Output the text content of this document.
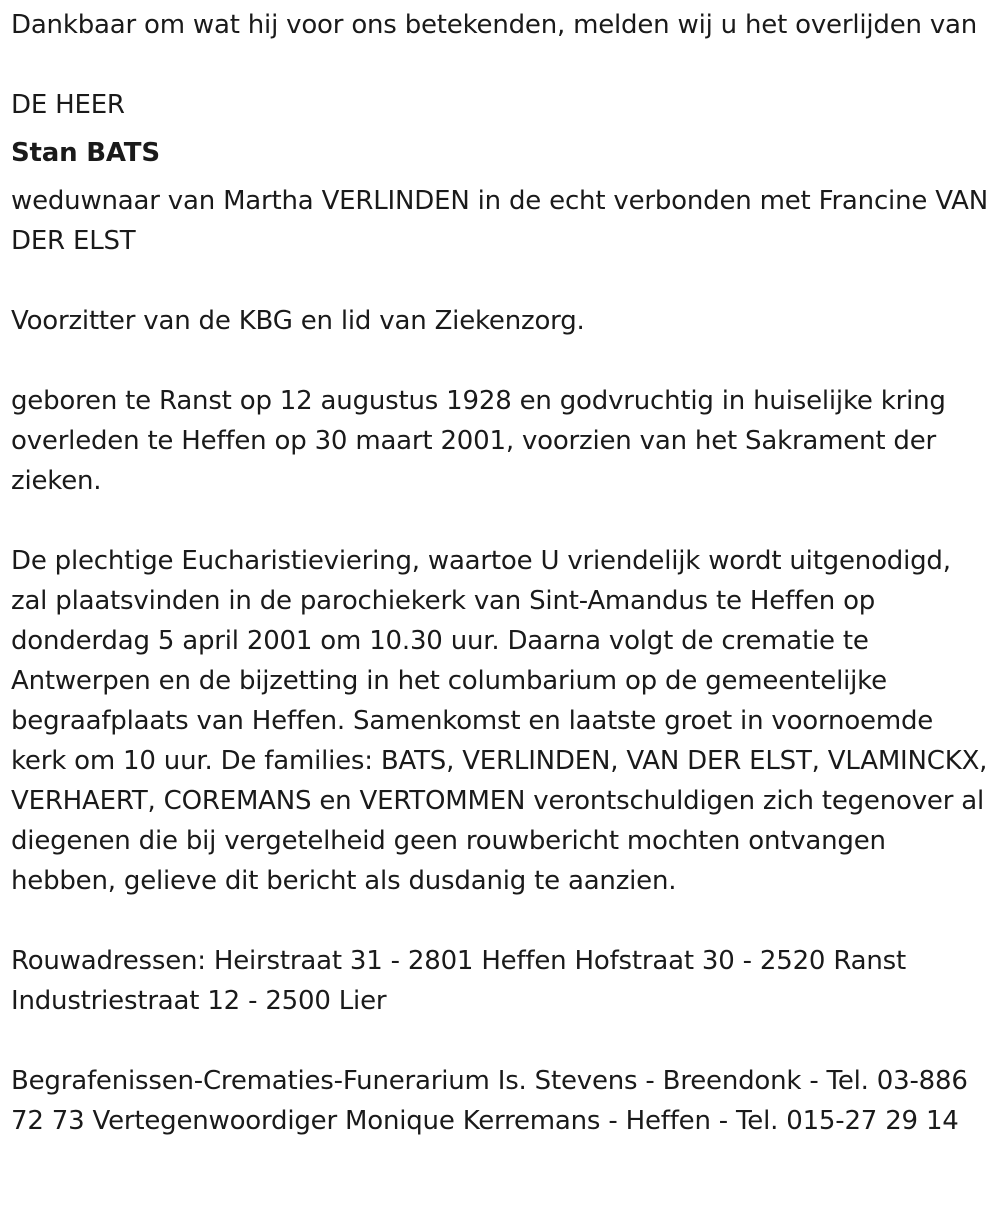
Dankbaar om wat hij voor ons betekenden, melden wij u het overlijden van

DE HEER

Stan BATS

weduwnaar van Martha VERLINDEN in de echt verbonden met Francine VAN DER ELST

Voorzitter van de KBG en lid van Ziekenzorg.

geboren te Ranst op 12 augustus 1928 en godvruchtig in huiselijke kring overleden te Heffen op 30 maart 2001, voorzien van het Sakrament der zieken.

De plechtige Eucharistieviering, waartoe U vriendelijk wordt uitgenodigd, zal plaatsvinden in de parochiekerk van Sint-Amandus te Heffen op donderdag 5 april 2001 om 10.30 uur. Daarna volgt de crematie te Antwerpen en de bijzetting in het columbarium op de gemeentelijke begraafplaats van Heffen. Samenkomst en laatste groet in voornoemde kerk om 10 uur. De families: BATS, VERLINDEN, VAN DER ELST, VLAMINCKX, VERHAERT, COREMANS en VERTOMMEN verontschuldigen zich tegenover al diegenen die bij vergetelheid geen rouwbericht mochten ontvangen hebben, gelieve dit bericht als dusdanig te aanzien.

Rouwadressen: Heirstraat 31 - 2801 Heffen Hofstraat 30 - 2520 Ranst Industriestraat 12 - 2500 Lier

Begrafenissen-Crematies-Funerarium Is. Stevens - Breendonk - Tel. 03-886 72 73 Vertegenwoordiger Monique Kerremans - Heffen - Tel. 015-27 29 14
